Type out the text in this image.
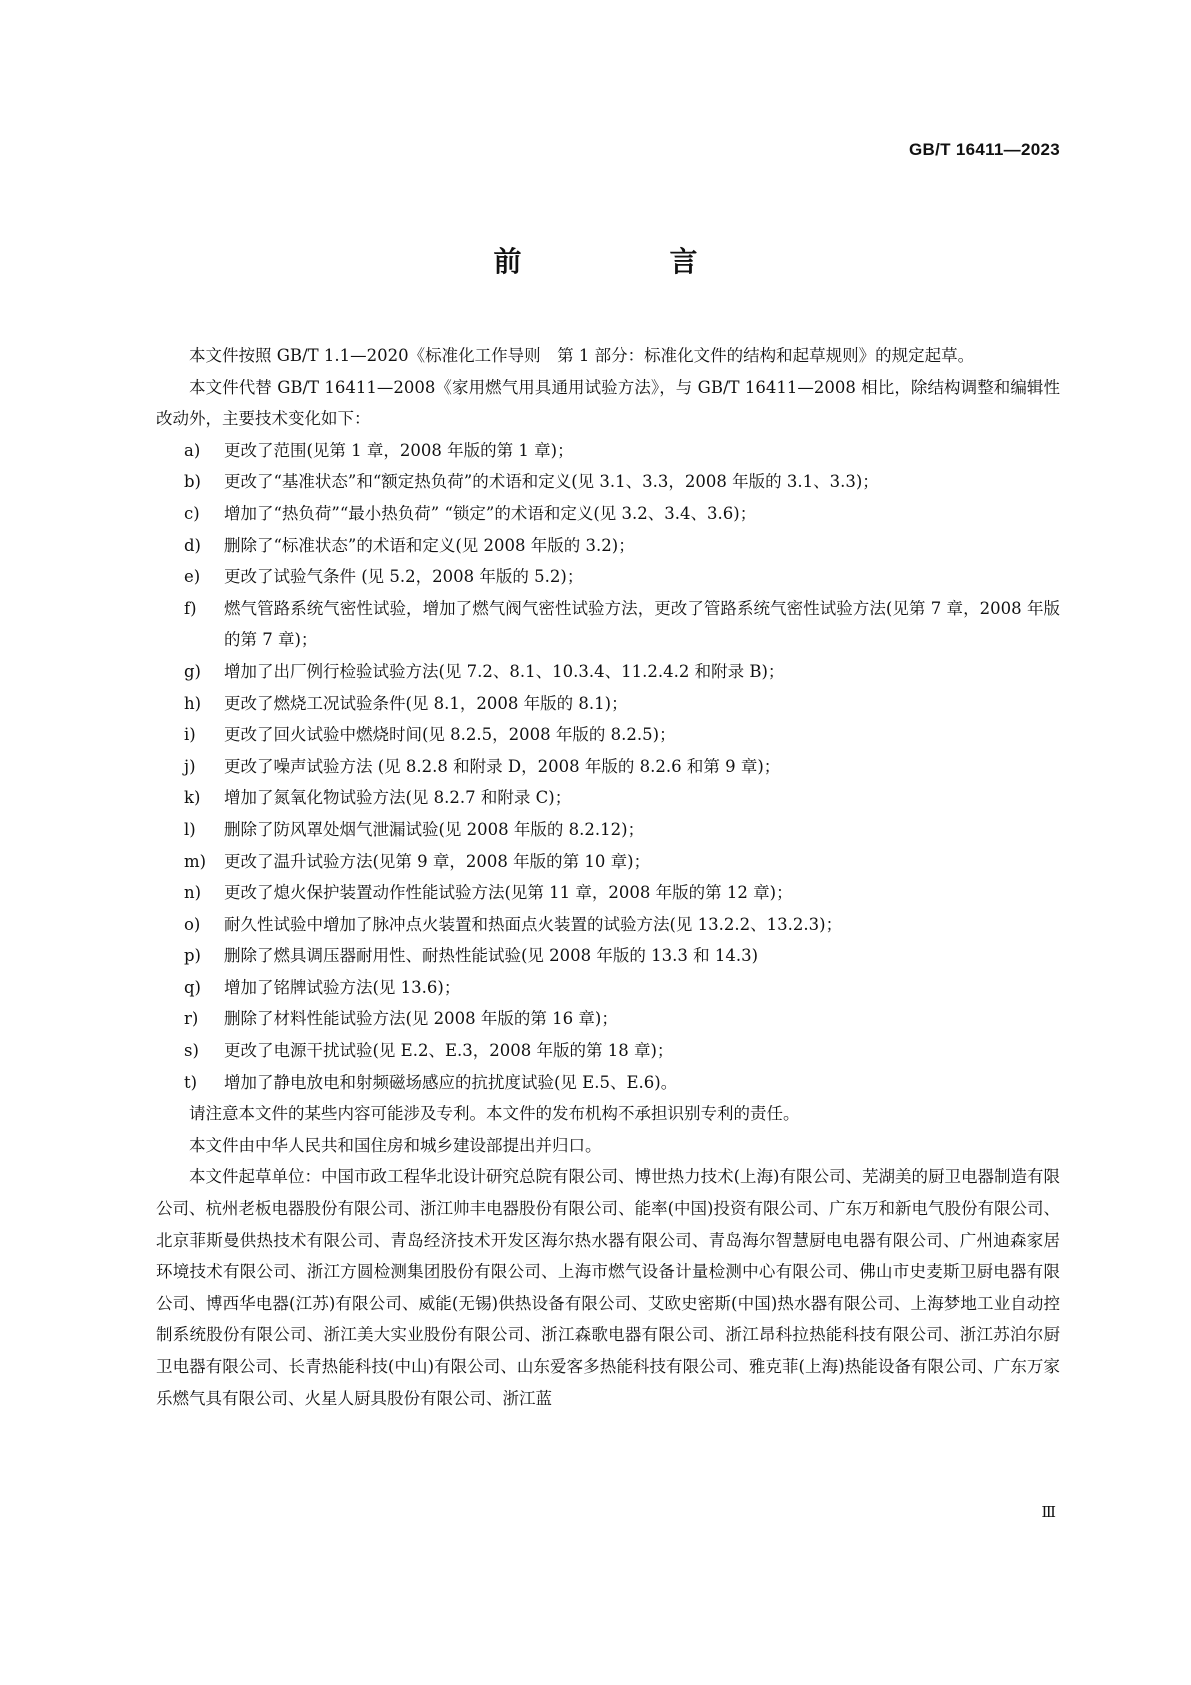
GB/T 16411—2023
前　言
本文件按照 GB/T 1.1—2020《标准化工作导则　第 1 部分：标准化文件的结构和起草规则》的规定起草。
本文件代替 GB/T 16411—2008《家用燃气用具通用试验方法》，与 GB/T 16411—2008 相比，除结构调整和编辑性改动外，主要技术变化如下：
a)	更改了范围(见第 1 章，2008 年版的第 1 章)；
b)	更改了“基准状态”和“额定热负荷”的术语和定义(见 3.1、3.3，2008 年版的 3.1、3.3)；
c)	增加了“热负荷”“最小热负荷” “锁定”的术语和定义(见 3.2、3.4、3.6)；
d)	删除了“标准状态”的术语和定义(见 2008 年版的 3.2)；
e)	更改了试验气条件 (见 5.2，2008 年版的 5.2)；
f)	燃气管路系统气密性试验，增加了燃气阀气密性试验方法，更改了管路系统气密性试验方法(见第 7 章，2008 年版的第 7 章)；
g)	增加了出厂例行检验试验方法(见 7.2、8.1、10.3.4、11.2.4.2 和附录 B)；
h)	更改了燃烧工况试验条件(见 8.1，2008 年版的 8.1)；
i)	更改了回火试验中燃烧时间(见 8.2.5，2008 年版的 8.2.5)；
j)	更改了噪声试验方法 (见 8.2.8 和附录 D，2008 年版的 8.2.6 和第 9 章)；
k)	增加了氮氧化物试验方法(见 8.2.7 和附录 C)；
l)	删除了防风罩处烟气泄漏试验(见 2008 年版的 8.2.12)；
m)	更改了温升试验方法(见第 9 章，2008 年版的第 10 章)；
n)	更改了熄火保护装置动作性能试验方法(见第 11 章，2008 年版的第 12 章)；
o)	耐久性试验中增加了脉冲点火装置和热面点火装置的试验方法(见 13.2.2、13.2.3)；
p)	删除了燃具调压器耐用性、耐热性能试验(见 2008 年版的 13.3 和 14.3)
q)	增加了铭牌试验方法(见 13.6)；
r)	删除了材料性能试验方法(见 2008 年版的第 16 章)；
s)	更改了电源干扰试验(见 E.2、E.3，2008 年版的第 18 章)；
t)	增加了静电放电和射频磁场感应的抗扰度试验(见 E.5、E.6)。
请注意本文件的某些内容可能涉及专利。本文件的发布机构不承担识别专利的责任。
本文件由中华人民共和国住房和城乡建设部提出并归口。
本文件起草单位：中国市政工程华北设计研究总院有限公司、博世热力技术(上海)有限公司、芜湖美的厨卫电器制造有限公司、杭州老板电器股份有限公司、浙江帅丰电器股份有限公司、能率(中国)投资有限公司、广东万和新电气股份有限公司、北京菲斯曼供热技术有限公司、青岛经济技术开发区海尔热水器有限公司、青岛海尔智慧厨电电器有限公司、广州迪森家居环境技术有限公司、浙江方圆检测集团股份有限公司、上海市燃气设备计量检测中心有限公司、佛山市史麦斯卫厨电器有限公司、博西华电器(江苏)有限公司、威能(无锡)供热设备有限公司、艾欧史密斯(中国)热水器有限公司、上海梦地工业自动控制系统股份有限公司、浙江美大实业股份有限公司、浙江森歌电器有限公司、浙江昂科拉热能科技有限公司、浙江苏泊尔厨卫电器有限公司、长青热能科技(中山)有限公司、山东爱客多热能科技有限公司、雅克菲(上海)热能设备有限公司、广东万家乐燃气具有限公司、火星人厨具股份有限公司、浙江蓝
Ⅲ
